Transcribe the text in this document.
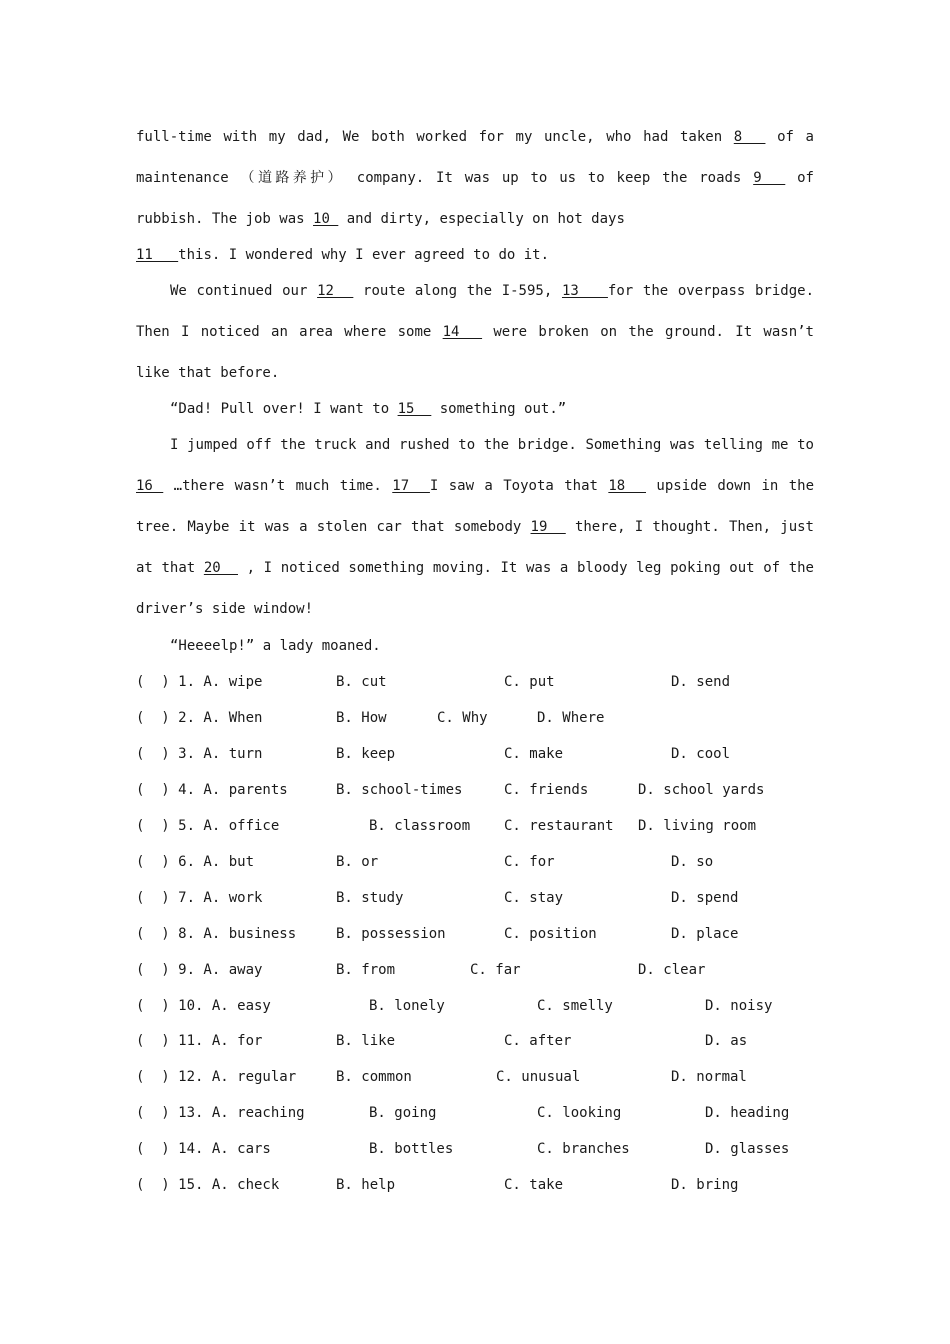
full-time with my dad, We both worked for my uncle, who had taken 8   of a
maintenance （道路养护） company. It was up to us to keep the roads 9   of
rubbish. The job was 10  and dirty, especially on hot days
11   this. I wondered why I ever agreed to do it.
We continued our 12   route along the I-595, 13   for the overpass bridge.
Then I noticed an area where some 14   were broken on the ground. It wasn’t
like that before.
“Dad! Pull over! I want to 15   something out.”
I jumped off the truck and rushed to the bridge. Something was telling me to
16  …there wasn’t much time. 17  I saw a Toyota that 18   upside down in the
tree. Maybe it was a stolen car that somebody 19   there, I thought. Then, just
at that 20   , I noticed something moving. It was a bloody leg poking out of the
driver’s side window!
“Heeeelp!” a lady moaned.
(  ) 1. A. wipe	B. cut	C. put	D. send
(  ) 2. A. When	B. How	C. Why	D. Where
(  ) 3. A. turn	B. keep	C. make	D. cool
(  ) 4. A. parents	B. school-times	C. friends	D. school yards
(  ) 5. A. office	B. classroom C. restaurant D. living room
(  ) 6. A. but	B. or	C. for	D. so
(  ) 7. A. work	B. study	C. stay	D. spend
(  ) 8. A. business	B. possession	C. position	D. place
(  ) 9. A. away	B. from	C. far	D. clear
(  ) 10. A. easy	B. lonely	C. smelly	D. noisy
(  ) 11. A. for	B. like	C. after	D. as
(  ) 12. A. regular	B. common	C. unusual	D. normal
(  ) 13. A. reaching	B. going	C. looking	D. heading
(  ) 14. A. cars	B. bottles	C. branches	D. glasses
(  ) 15. A. check	B. help	C. take	D. bring
